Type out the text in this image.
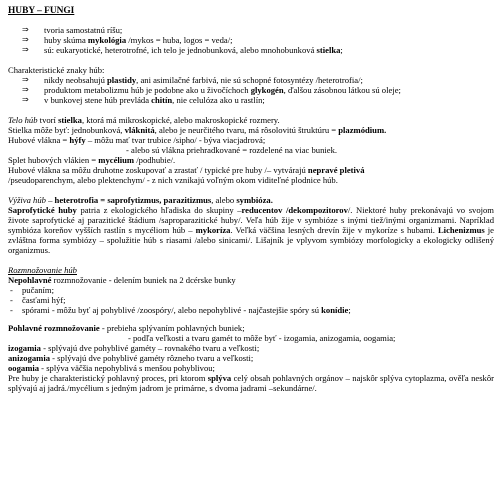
HUBY – FUNGI
⇒ tvoria samostatnú ríšu;
⇒ huby skúma mykológia /mykos = huba, logos = veda/;
⇒ sú: eukaryotické, heterotrofné, ich telo je jednobunková, alebo mnohobunková stielka;

Charakteristické znaky húb:

⇒ nikdy neobsahujú plastidy, ani asimilačné farbivá, nie sú schopné fotosyntézy /heterotrofia/;
⇒ produktom metabolizmu húb je podobne ako u živočíchoch glykogén, ďalšou zásobnou látkou sú oleje;
⇒ v bunkovej stene húb prevláda chitín, nie celulóza ako u rastlín;

Telo húb tvorí stielka, ktorá má mikroskopické, alebo makroskopické rozmery.

Stielka môže byť: jednobunková, vláknitá, alebo je neurčitého tvaru, má rôsolovitú štruktúru = plazmódium.

Hubové vlákna = hýfy – môžu mať tvar trubice /sipho/ - býva viacjadrová;

- alebo sú vlákna priehradkované = rozdelené na viac buniek.

Splet hubových vlákien = mycélium /podhubie/.

Hubové vlákna sa môžu druhotne zoskupovať a zrastať / typické pre huby /– vytvárajú nepravé pletivá

/pseudoparenchym, alebo plektenchym/ - z nich vznikajú voľným okom viditeľné plodnice húb.

Výživa húb – heterotrofia = saprofytizmus, parazitizmus, alebo symbióza.

Saprofytické huby patria z ekologického hľadiska do skupiny –reducentov /dekompozitorov/. Niektoré huby prekonávajú vo svojom živote saprofytické aj parazitické štádium /saproparazitické huby/. Veľa húb žije v symbióze s inými tiež/inými organizmami. Napríklad symbióza koreňov vyšších rastlín s mycéliom húb – mykoríza. Veľká väčšina lesných drevín žije v mykoríze s hubami. Lichenizmus je zvláštna forma symbiózy – spolužitie húb s riasami /alebo sinicami/. Lišajník je vplyvom symbiózy morfologicky a ekologicky odlišený organizmus.

Rozmnožovanie húb

Nepohlavné rozmnožovanie - delením buniek na 2 dcérske bunky

- pučaním;
- časťami hýf;
- spórami - môžu byť aj pohyblivé /zoospóry/, alebo nepohyblivé - najčastejšie spóry sú konídie;

Pohlavné rozmnožovanie - prebieha splývaním pohlavných buniek;

- podľa veľkosti a tvaru gamét to môže byť - izogamia, anizogamia, oogamia;

izogamia - splývajú dve pohyblivé gaméty – rovnakého tvaru a veľkosti;

anizogamia - splývajú dve pohyblivé gaméty rôzneho tvaru a veľkosti;

oogamia - splýva väčšia nepohyblivá s menšou pohyblivou;

Pre huby je charakteristický pohlavný proces, pri ktorom splýva celý obsah pohlavných orgánov – najskôr splýva cytoplazma, ověľa neskôr splývajú aj jadrá./mycélium s jedným jadrom je primárne, s dvoma jadrami –sekundárne/.
